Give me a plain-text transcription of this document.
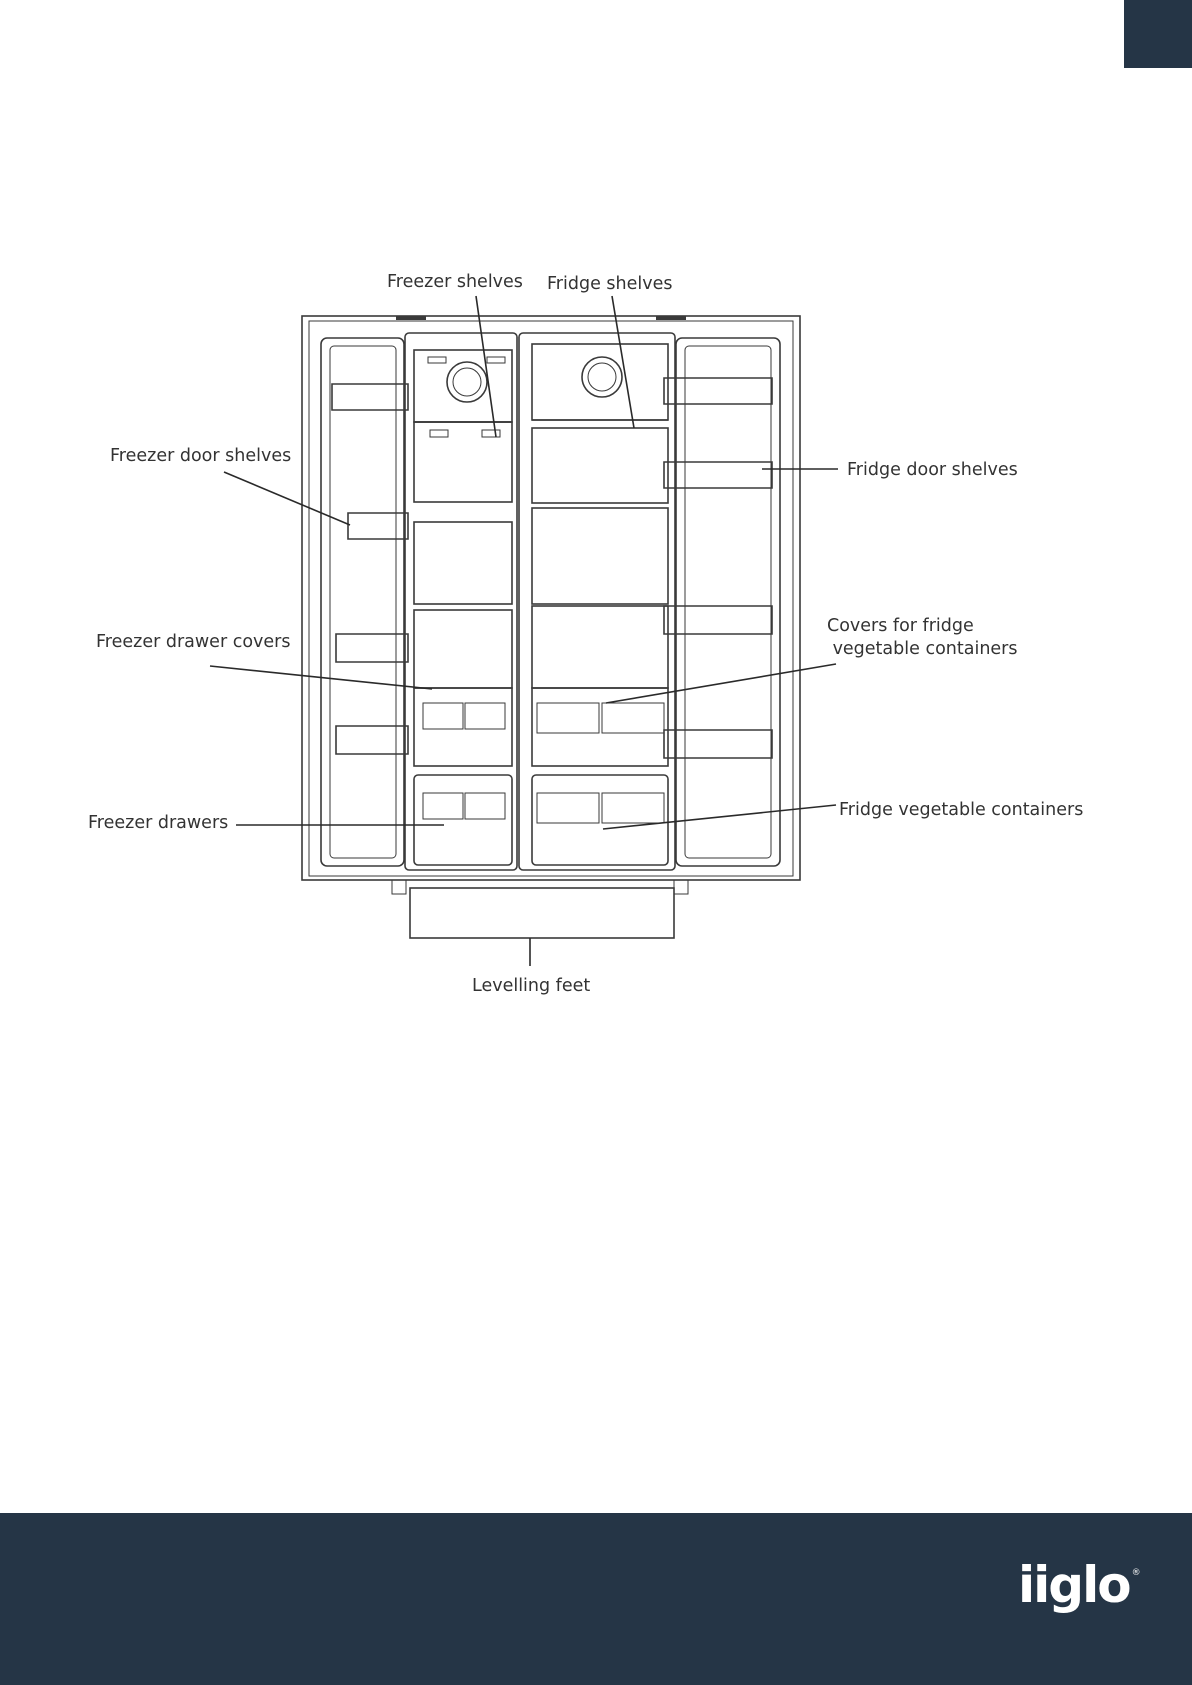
Freezer shelves Fridge shelves
Freezer door shelves
Fridge door shelves
Freezer drawer covers
Covers for fridge
vegetable containers
Freezer drawers
Fridge vegetable containers
Levelling feet
iiglo ®
